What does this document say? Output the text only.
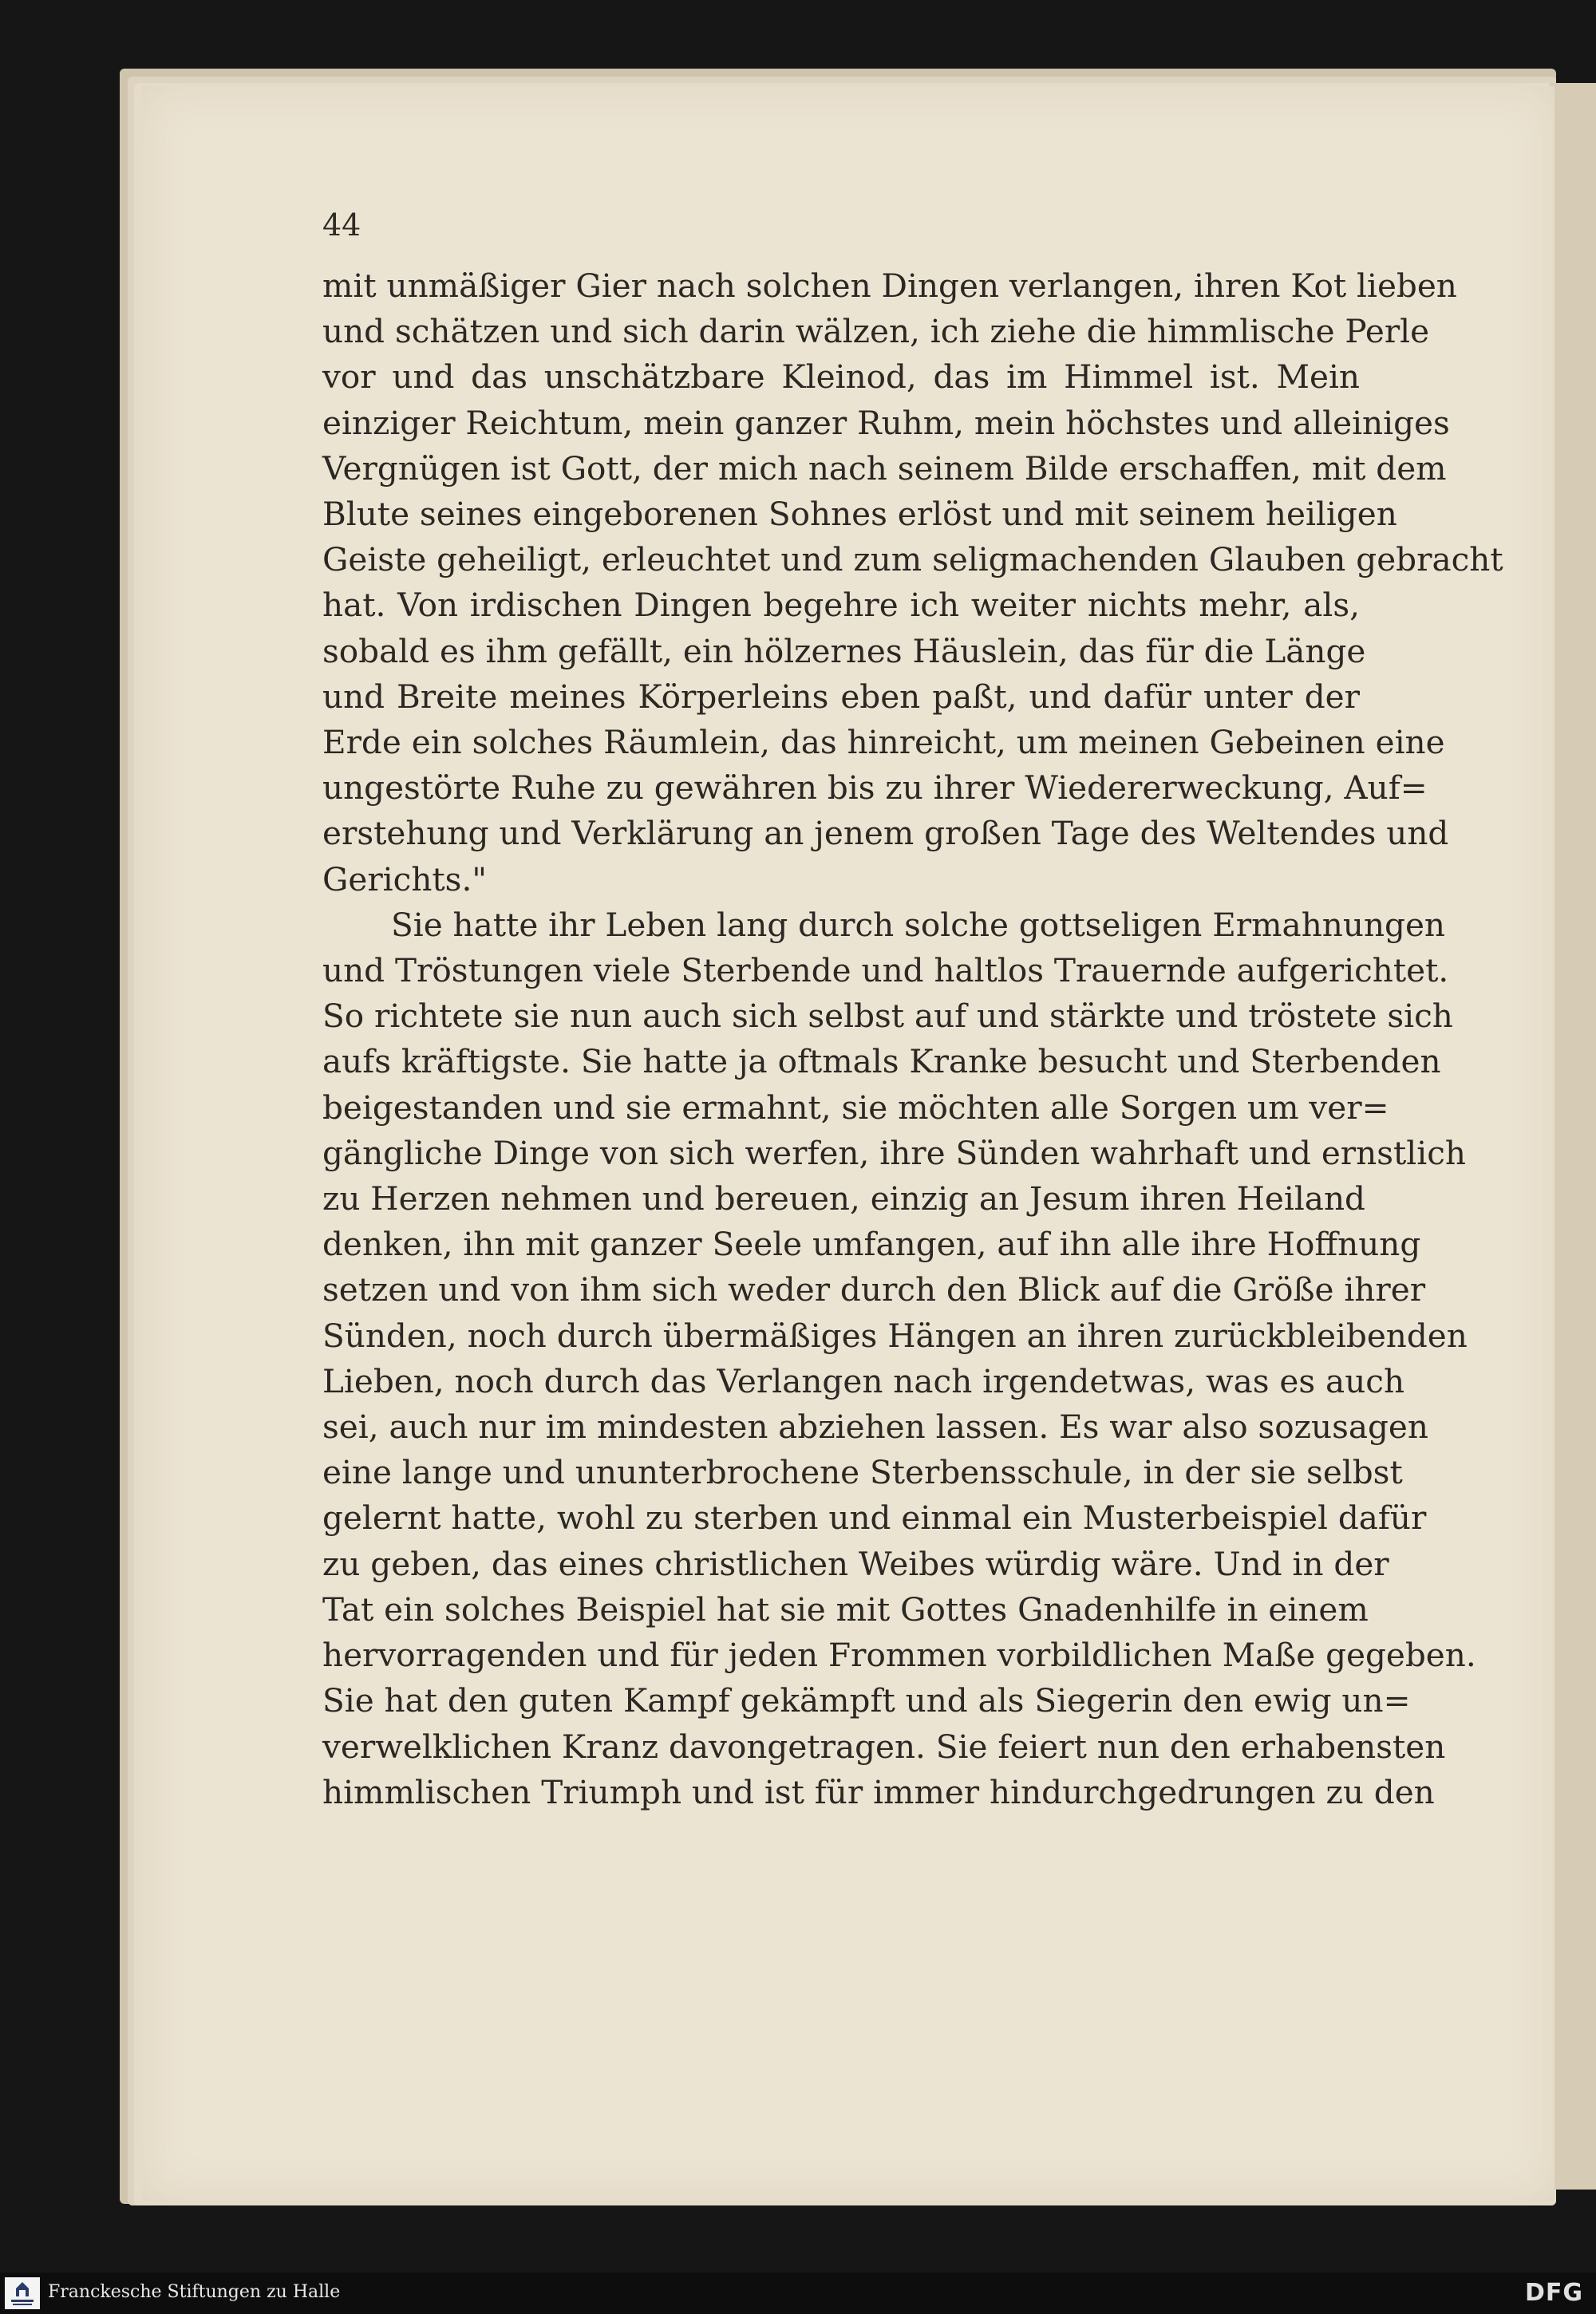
44

mit unmäßiger Gier nach solchen Dingen verlangen, ihren Kot lieben
und schätzen und sich darin wälzen, ich ziehe die himmlische Perle
vor und das unschätzbare Kleinod, das im Himmel ist. Mein
einziger Reichtum, mein ganzer Ruhm, mein höchstes und alleiniges
Vergnügen ist Gott, der mich nach seinem Bilde erschaffen, mit dem
Blute seines eingeborenen Sohnes erlöst und mit seinem heiligen
Geiste geheiligt, erleuchtet und zum seligmachenden Glauben gebracht
hat. Von irdischen Dingen begehre ich weiter nichts mehr, als,
sobald es ihm gefällt, ein hölzernes Häuslein, das für die Länge
und Breite meines Körperleins eben paßt, und dafür unter der
Erde ein solches Räumlein, das hinreicht, um meinen Gebeinen eine
ungestörte Ruhe zu gewähren bis zu ihrer Wiedererweckung, Auf=
erstehung und Verklärung an jenem großen Tage des Weltendes und
Gerichts."
Sie hatte ihr Leben lang durch solche gottseligen Ermahnungen
und Tröstungen viele Sterbende und haltlos Trauernde aufgerichtet.
So richtete sie nun auch sich selbst auf und stärkte und tröstete sich
aufs kräftigste. Sie hatte ja oftmals Kranke besucht und Sterbenden
beigestanden und sie ermahnt, sie möchten alle Sorgen um ver=
gängliche Dinge von sich werfen, ihre Sünden wahrhaft und ernstlich
zu Herzen nehmen und bereuen, einzig an Jesum ihren Heiland
denken, ihn mit ganzer Seele umfangen, auf ihn alle ihre Hoffnung
setzen und von ihm sich weder durch den Blick auf die Größe ihrer
Sünden, noch durch übermäßiges Hängen an ihren zurückbleibenden
Lieben, noch durch das Verlangen nach irgendetwas, was es auch
sei, auch nur im mindesten abziehen lassen. Es war also sozusagen
eine lange und ununterbrochene Sterbensschule, in der sie selbst
gelernt hatte, wohl zu sterben und einmal ein Musterbeispiel dafür
zu geben, das eines christlichen Weibes würdig wäre. Und in der
Tat ein solches Beispiel hat sie mit Gottes Gnadenhilfe in einem
hervorragenden und für jeden Frommen vorbildlichen Maße gegeben.
Sie hat den guten Kampf gekämpft und als Siegerin den ewig un=
verwelklichen Kranz davongetragen. Sie feiert nun den erhabensten
himmlischen Triumph und ist für immer hindurchgedrungen zu den
Franckesche Stiftungen zu Halle	DFG
